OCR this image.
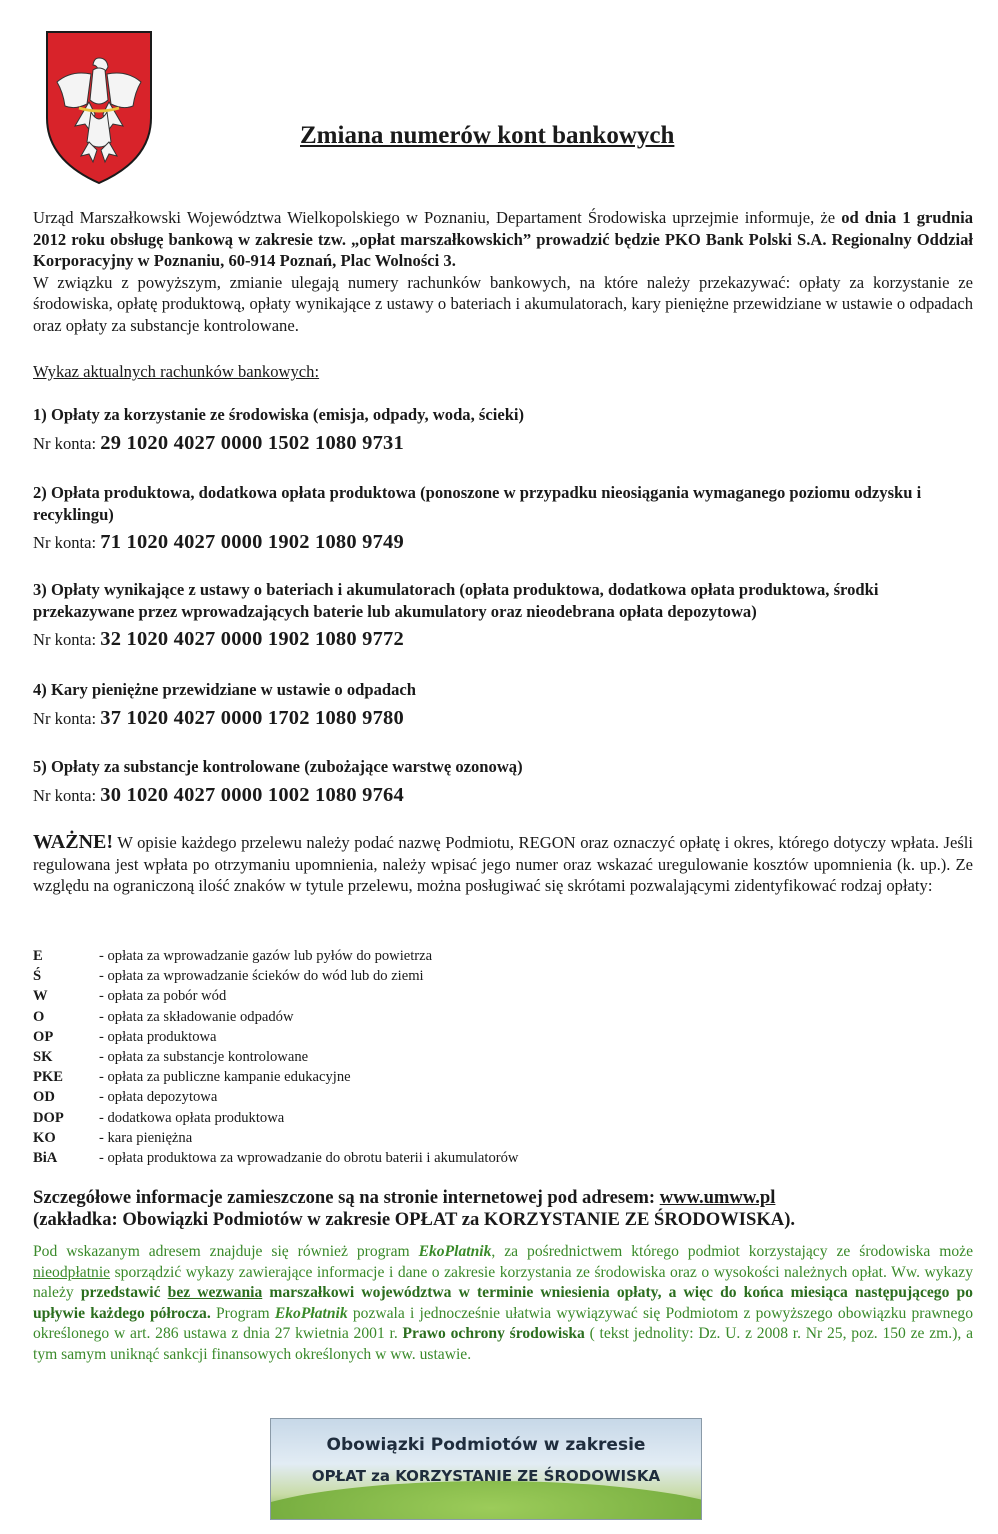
Zmiana numerów kont bankowych
Urząd Marszałkowski Województwa Wielkopolskiego w Poznaniu, Departament Środowiska uprzejmie informuje, że od dnia 1 grudnia 2012 roku obsługę bankową w zakresie tzw. „opłat marszałkowskich” prowadzić będzie PKO Bank Polski S.A. Regionalny Oddział Korporacyjny w Poznaniu, 60-914 Poznań, Plac Wolności 3.
W związku z powyższym, zmianie ulegają numery rachunków bankowych, na które należy przekazywać: opłaty za korzystanie ze środowiska, opłatę produktową, opłaty wynikające z ustawy o bateriach i akumulatorach, kary pieniężne przewidziane w ustawie o odpadach oraz opłaty za substancje kontrolowane.
Wykaz aktualnych rachunków bankowych:
1) Opłaty za korzystanie ze środowiska (emisja, odpady, woda, ścieki)
Nr konta: 29 1020 4027 0000 1502 1080 9731
2) Opłata produktowa, dodatkowa opłata produktowa (ponoszone w przypadku nieosiągania wymaganego poziomu odzysku i recyklingu)
Nr konta: 71 1020 4027 0000 1902 1080 9749
3) Opłaty wynikające z ustawy o bateriach i akumulatorach (opłata produktowa, dodatkowa opłata produktowa, środki przekazywane przez wprowadzających baterie lub akumulatory oraz nieodebrana opłata depozytowa)
Nr konta: 32 1020 4027 0000 1902 1080 9772
4) Kary pieniężne przewidziane w ustawie o odpadach
Nr konta: 37 1020 4027 0000 1702 1080 9780
5) Opłaty za substancje kontrolowane (zubożające warstwę ozonową)
Nr konta: 30 1020 4027 0000 1002 1080 9764
WAŻNE! W opisie każdego przelewu należy podać nazwę Podmiotu, REGON oraz oznaczyć opłatę i okres, którego dotyczy wpłata. Jeśli regulowana jest wpłata po otrzymaniu upomnienia, należy wpisać jego numer oraz wskazać uregulowanie kosztów upomnienia (k. up.). Ze względu na ograniczoną ilość znaków w tytule przelewu, można posługiwać się skrótami pozwalającymi zidentyfikować rodzaj opłaty:
E	- opłata za wprowadzanie gazów lub pyłów do powietrza
Ś	- opłata za wprowadzanie ścieków do wód lub do ziemi
W	- opłata za pobór wód
O	- opłata za składowanie odpadów
OP	- opłata produktowa
SK	- opłata za substancje kontrolowane
PKE	- opłata za publiczne kampanie edukacyjne
OD	- opłata depozytowa
DOP	- dodatkowa opłata produktowa
KO	- kara pieniężna
BiA	- opłata produktowa za wprowadzanie do obrotu baterii i akumulatorów
Szczegółowe informacje zamieszczone są na stronie internetowej pod adresem: www.umww.pl
(zakładka: Obowiązki Podmiotów w zakresie OPŁAT za KORZYSTANIE ZE ŚRODOWISKA).
Pod wskazanym adresem znajduje się również program EkoPlatnik, za pośrednictwem którego podmiot korzystający ze środowiska może nieodpłatnie sporządzić wykazy zawierające informacje i dane o zakresie korzystania ze środowiska oraz o wysokości należnych opłat. Ww. wykazy należy przedstawić bez wezwania marszałkowi województwa w terminie wniesienia opłaty, a więc do końca miesiąca następującego po upływie każdego półrocza. Program EkoPłatnik pozwala i jednocześnie ułatwia wywiązywać się Podmiotom z powyższego obowiązku prawnego określonego w art. 286 ustawa z dnia 27 kwietnia 2001 r. Prawo ochrony środowiska ( tekst jednolity: Dz. U. z 2008 r. Nr 25, poz. 150 ze zm.), a tym samym uniknąć sankcji finansowych określonych w ww. ustawie.
Obowiązki Podmiotów w zakresie
OPŁAT za KORZYSTANIE ZE ŚRODOWISKA
